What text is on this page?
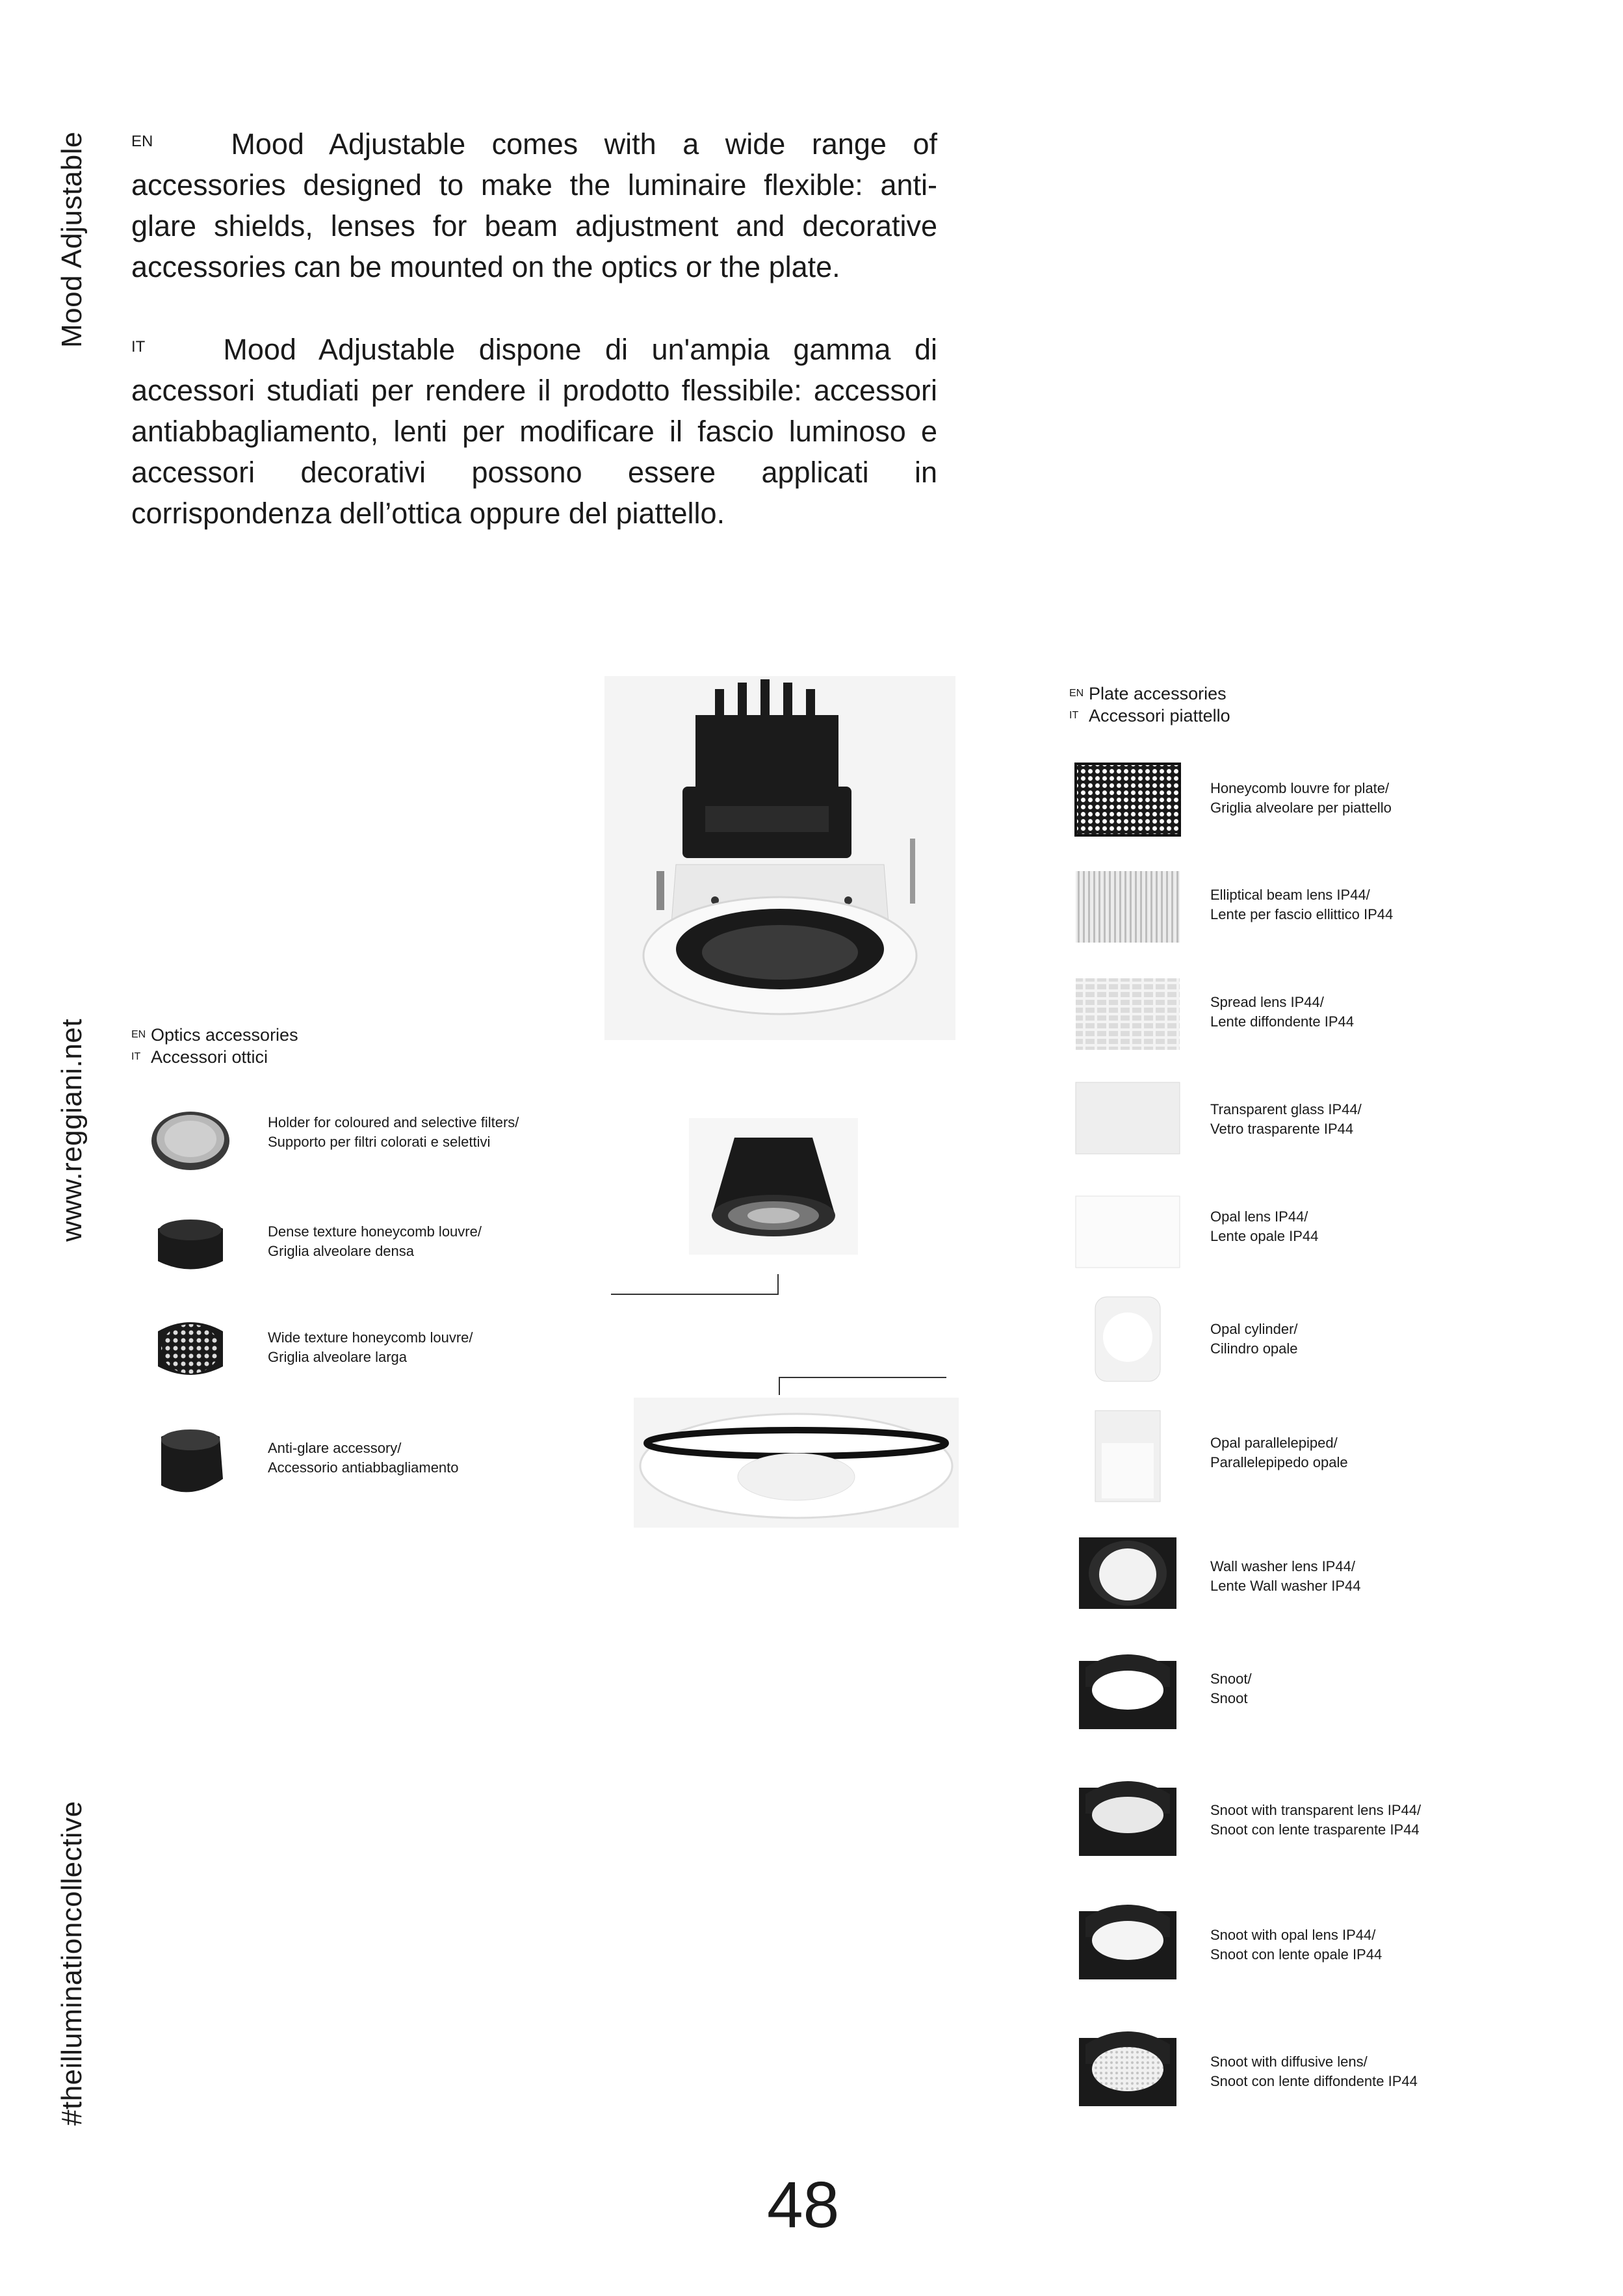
Mood Adjustable
www.reggiani.net
#theilluminationcollective
$^{EN}$	Mood Adjustable comes with a wide range of accessories designed to make the luminaire flexible: anti-glare shields, lenses for beam adjustment and decorative accessories can be mounted on the optics or the plate.
$^{IT}$	Mood Adjustable dispone di un'ampia gamma di accessori studiati per rendere il prodotto flessibile: accessori antiabbagliamento, lenti per modificare il fascio luminoso e accessori decorativi possono essere applicati in corrispondenza dell’ottica oppure del piattello.
EN Optics accessories
IT Accessori ottici
Holder for coloured and selective filters/
Supporto per filtri colorati e selettivi
Dense texture honeycomb louvre/
Griglia alveolare densa
Wide texture honeycomb louvre/
Griglia alveolare larga
Anti-glare accessory/
Accessorio antiabbagliamento
EN Plate accessories
IT Accessori piattello
Honeycomb louvre for plate/
Griglia alveolare per piattello
Elliptical beam lens IP44/
Lente per fascio ellittico IP44
Spread lens IP44/
Lente diffondente IP44
Transparent glass IP44/
Vetro trasparente IP44
Opal lens IP44/
Lente opale IP44
Opal cylinder/
Cilindro opale
Opal parallelepiped/
Parallelepipedo opale
Wall washer lens IP44/
Lente Wall washer IP44
Snoot/
Snoot
Snoot with transparent lens IP44/
Snoot con lente trasparente IP44
Snoot with opal lens IP44/
Snoot con lente opale IP44
Snoot with diffusive lens/
Snoot con lente diffondente IP44
48
